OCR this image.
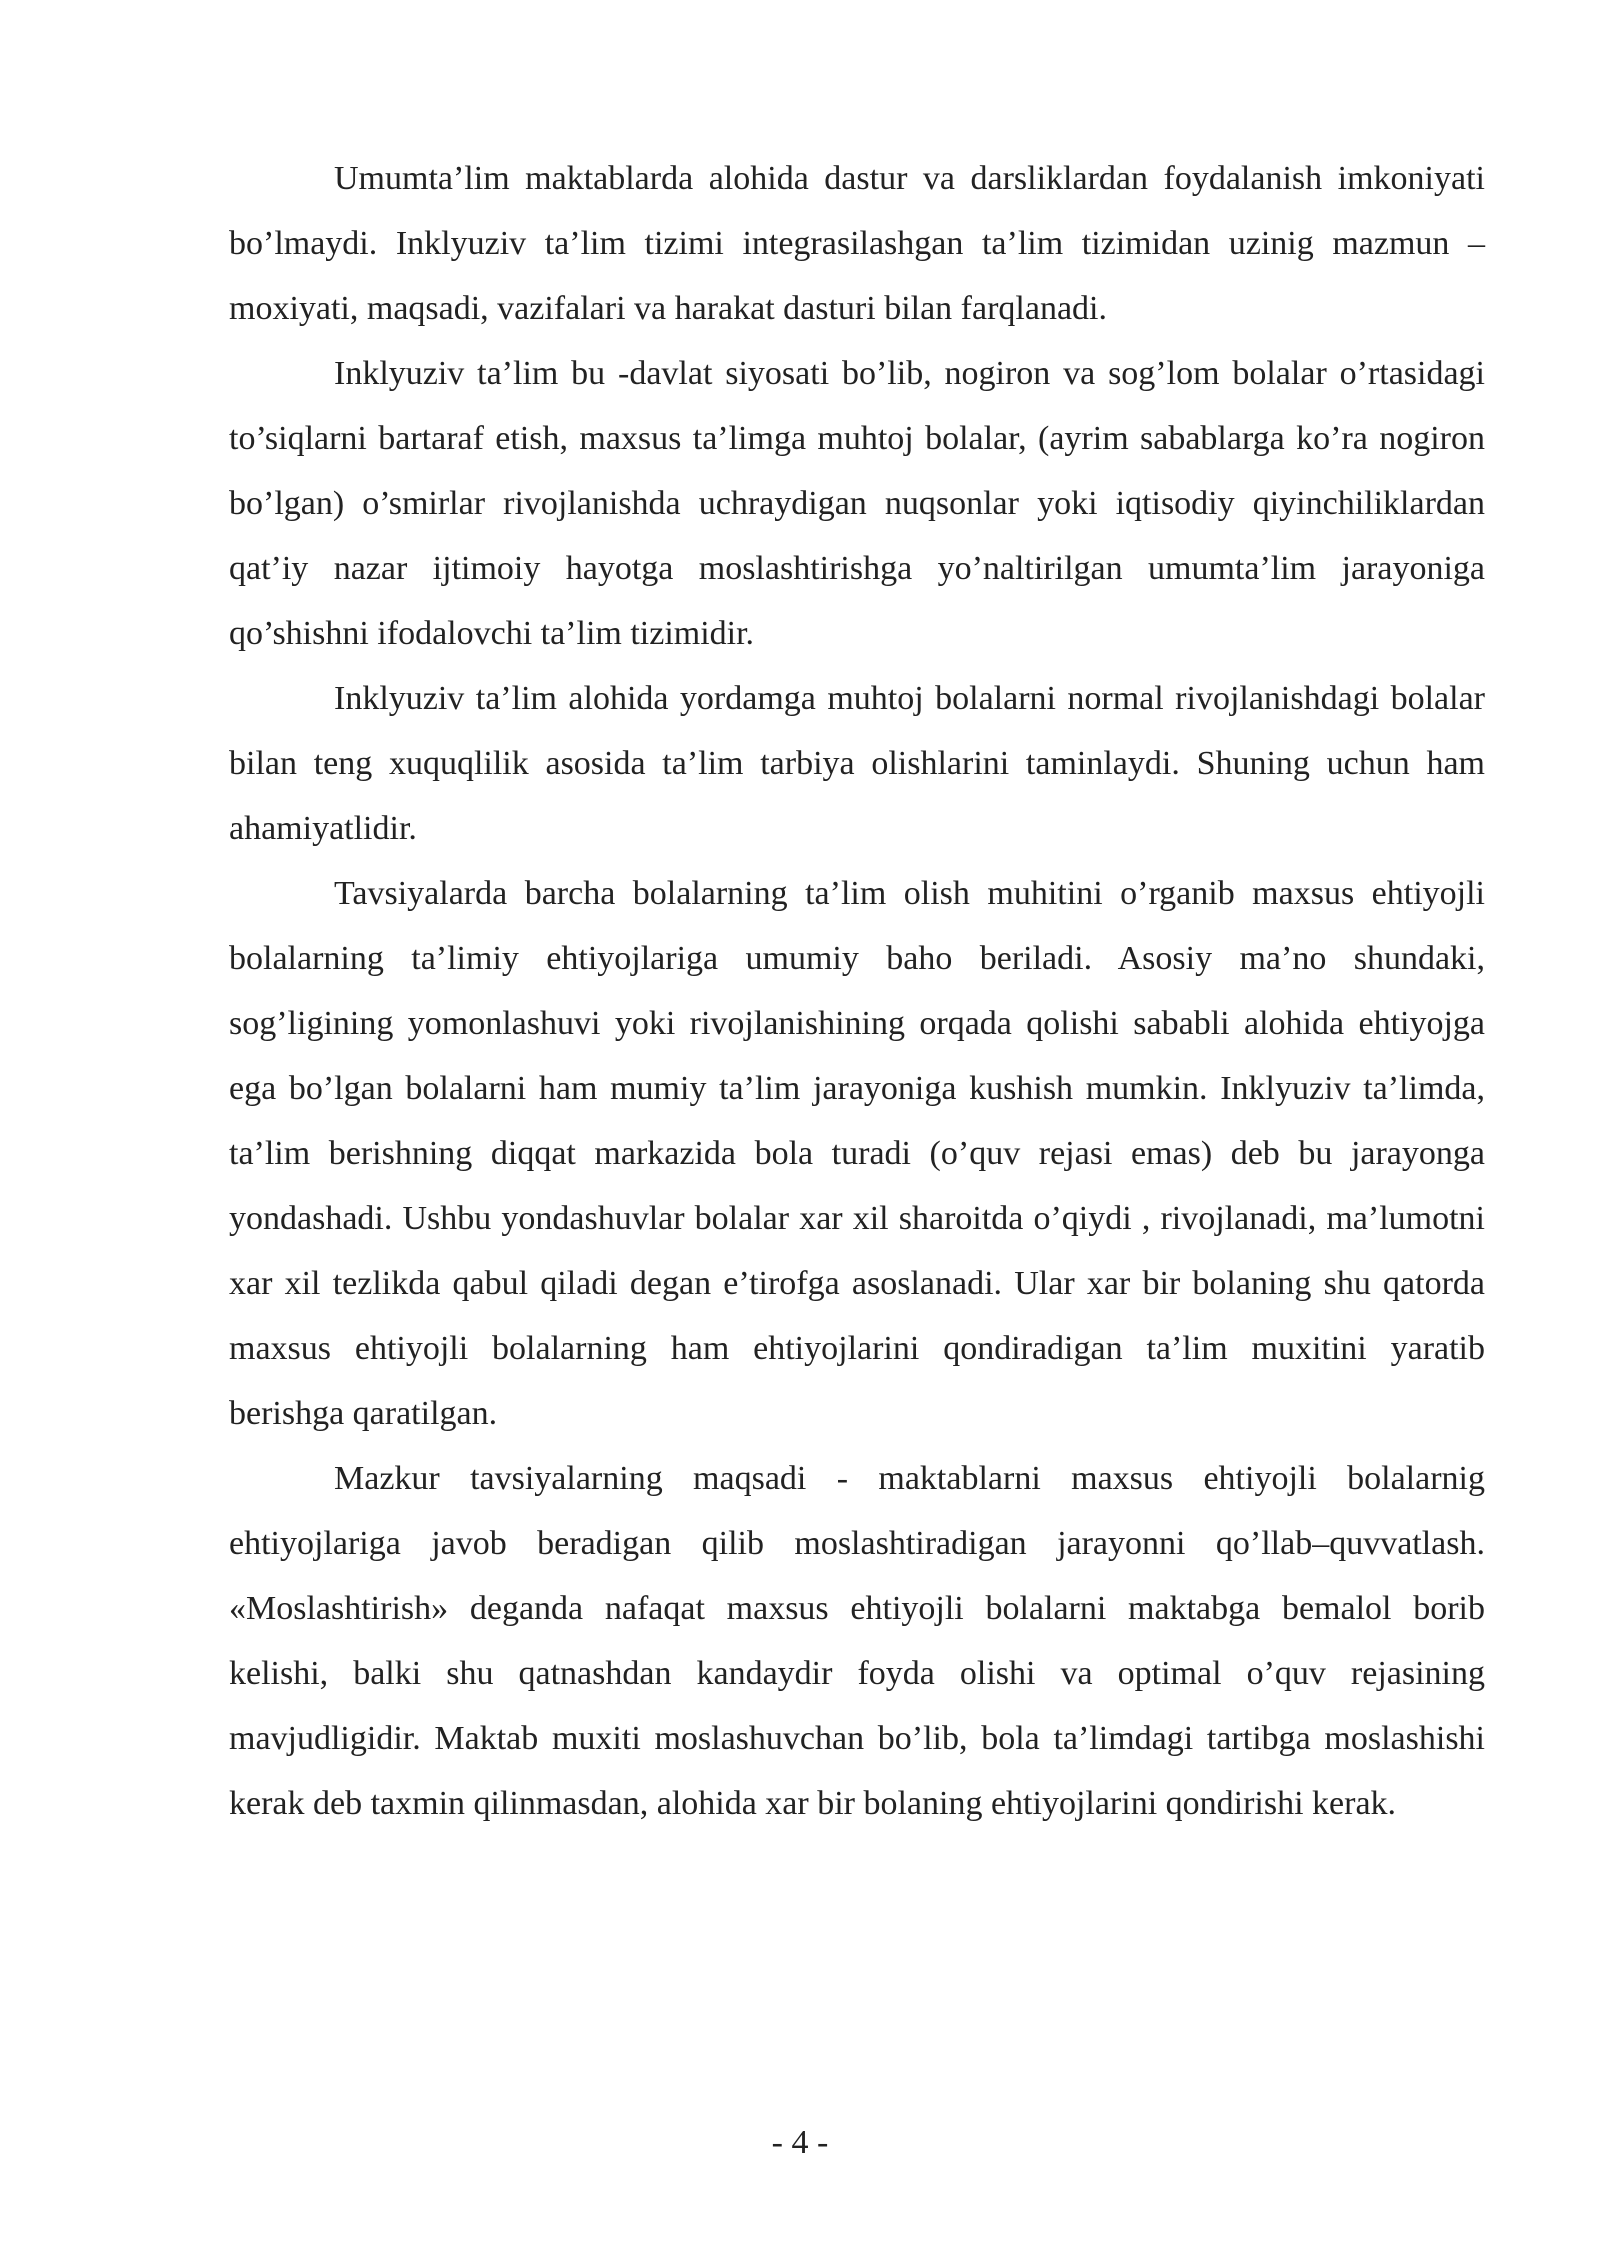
Umumta’lim maktablarda alohida dastur va darsliklardan foydalanish imkoniyati bo’lmaydi. Inklyuziv ta’lim tizimi integrasilashgan ta’lim tizimidan uzinig mazmun – moxiyati, maqsadi, vazifalari va harakat dasturi bilan farqlanadi.

Inklyuziv ta’lim bu -davlat siyosati bo’lib, nogiron va sog’lom bolalar o’rtasidagi to’siqlarni bartaraf etish, maxsus ta’limga muhtoj bolalar, (ayrim sabablarga ko’ra nogiron bo’lgan) o’smirlar rivojlanishda uchraydigan nuqsonlar yoki iqtisodiy qiyinchiliklardan qat’iy nazar ijtimoiy hayotga moslashtirishga yo’naltirilgan umumta’lim jarayoniga qo’shishni ifodalovchi ta’lim tizimidir.

Inklyuziv ta’lim alohida yordamga muhtoj bolalarni normal rivojlanishdagi bolalar bilan teng xuquqlilik asosida ta’lim tarbiya olishlarini taminlaydi. Shuning uchun ham ahamiyatlidir.

Tavsiyalarda barcha bolalarning ta’lim olish muhitini o’rganib maxsus ehtiyojli bolalarning ta’limiy ehtiyojlariga umumiy baho beriladi. Asosiy ma’no shundaki, sog’ligining yomonlashuvi yoki rivojlanishining orqada qolishi sababli alohida ehtiyojga ega bo’lgan bolalarni ham mumiy ta’lim jarayoniga kushish mumkin. Inklyuziv ta’limda, ta’lim berishning diqqat markazida bola turadi (o’quv rejasi emas) deb bu jarayonga yondashadi. Ushbu yondashuvlar bolalar xar xil sharoitda o’qiydi , rivojlanadi, ma’lumotni xar xil tezlikda qabul qiladi degan e’tirofga asoslanadi. Ular xar bir bolaning shu qatorda maxsus ehtiyojli bolalarning ham ehtiyojlarini qondiradigan ta’lim muxitini yaratib berishga qaratilgan.

Mazkur tavsiyalarning maqsadi - maktablarni maxsus ehtiyojli bolalarnig ehtiyojlariga javob beradigan qilib moslashtiradigan jarayonni qo’llab–quvvatlash. «Moslashtirish» deganda nafaqat maxsus ehtiyojli bolalarni maktabga bemalol borib kelishi, balki shu qatnashdan kandaydir foyda olishi va optimal o’quv rejasining mavjudligidir. Maktab muxiti moslashuvchan bo’lib, bola ta’limdagi tartibga moslashishi kerak deb taxmin qilinmasdan, alohida xar bir bolaning ehtiyojlarini qondirishi kerak.

- 4 -
